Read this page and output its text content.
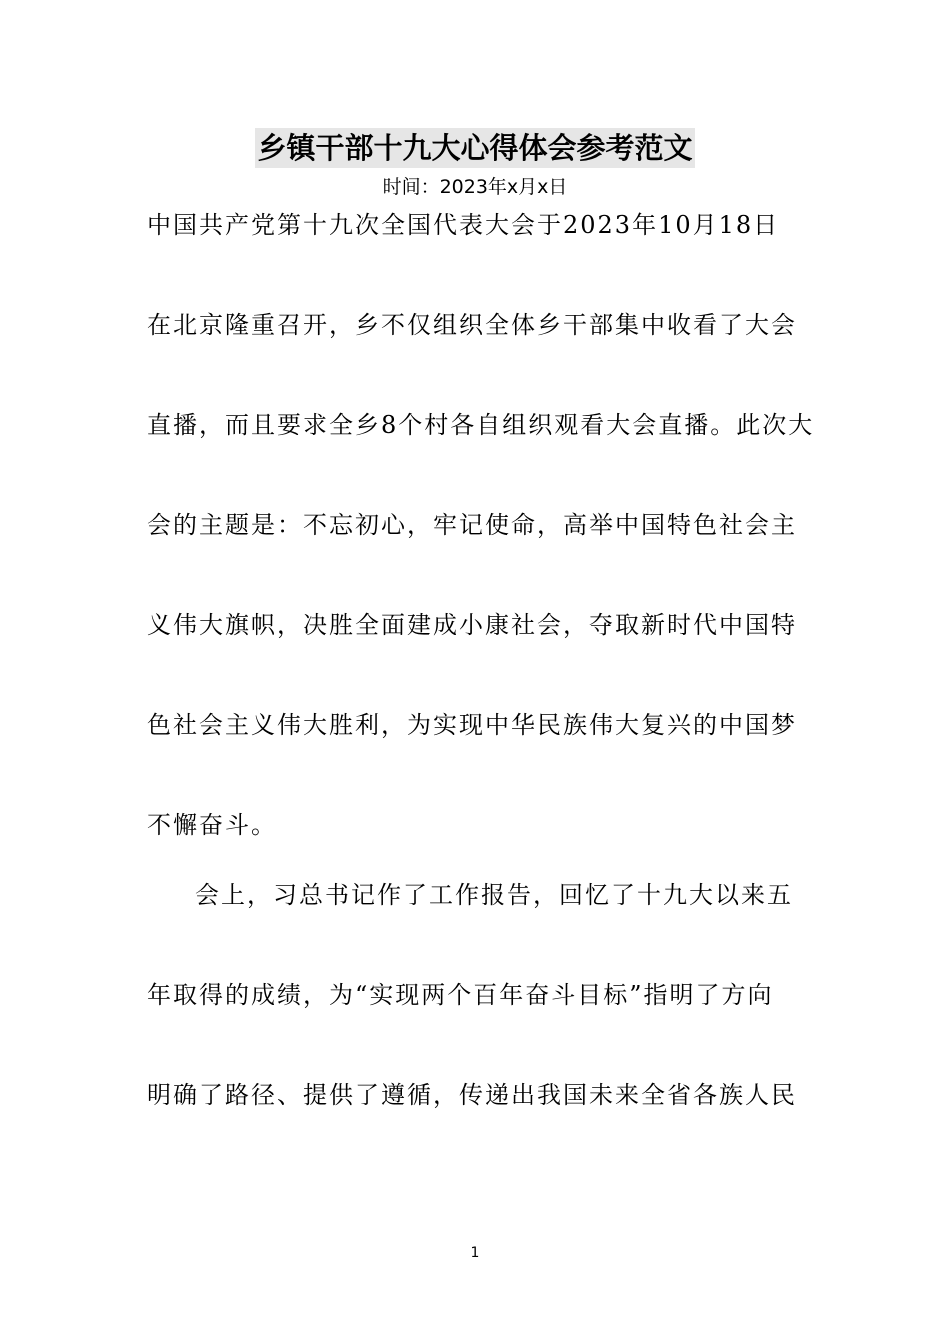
乡镇干部十九大心得体会参考范文
时间：2023年x月x日
中国共产党第十九次全国代表大会于2023年10月18日
在北京隆重召开，乡不仅组织全体乡干部集中收看了大会
直播，而且要求全乡8个村各自组织观看大会直播。此次大
会的主题是：不忘初心，牢记使命，高举中国特色社会主
义伟大旗帜，决胜全面建成小康社会，夺取新时代中国特
色社会主义伟大胜利，为实现中华民族伟大复兴的中国梦
不懈奋斗。
会上，习总书记作了工作报告，回忆了十九大以来五
年取得的成绩，为“实现两个百年奋斗目标”指明了方向
明确了路径、提供了遵循，传递出我国未来全省各族人民
1
